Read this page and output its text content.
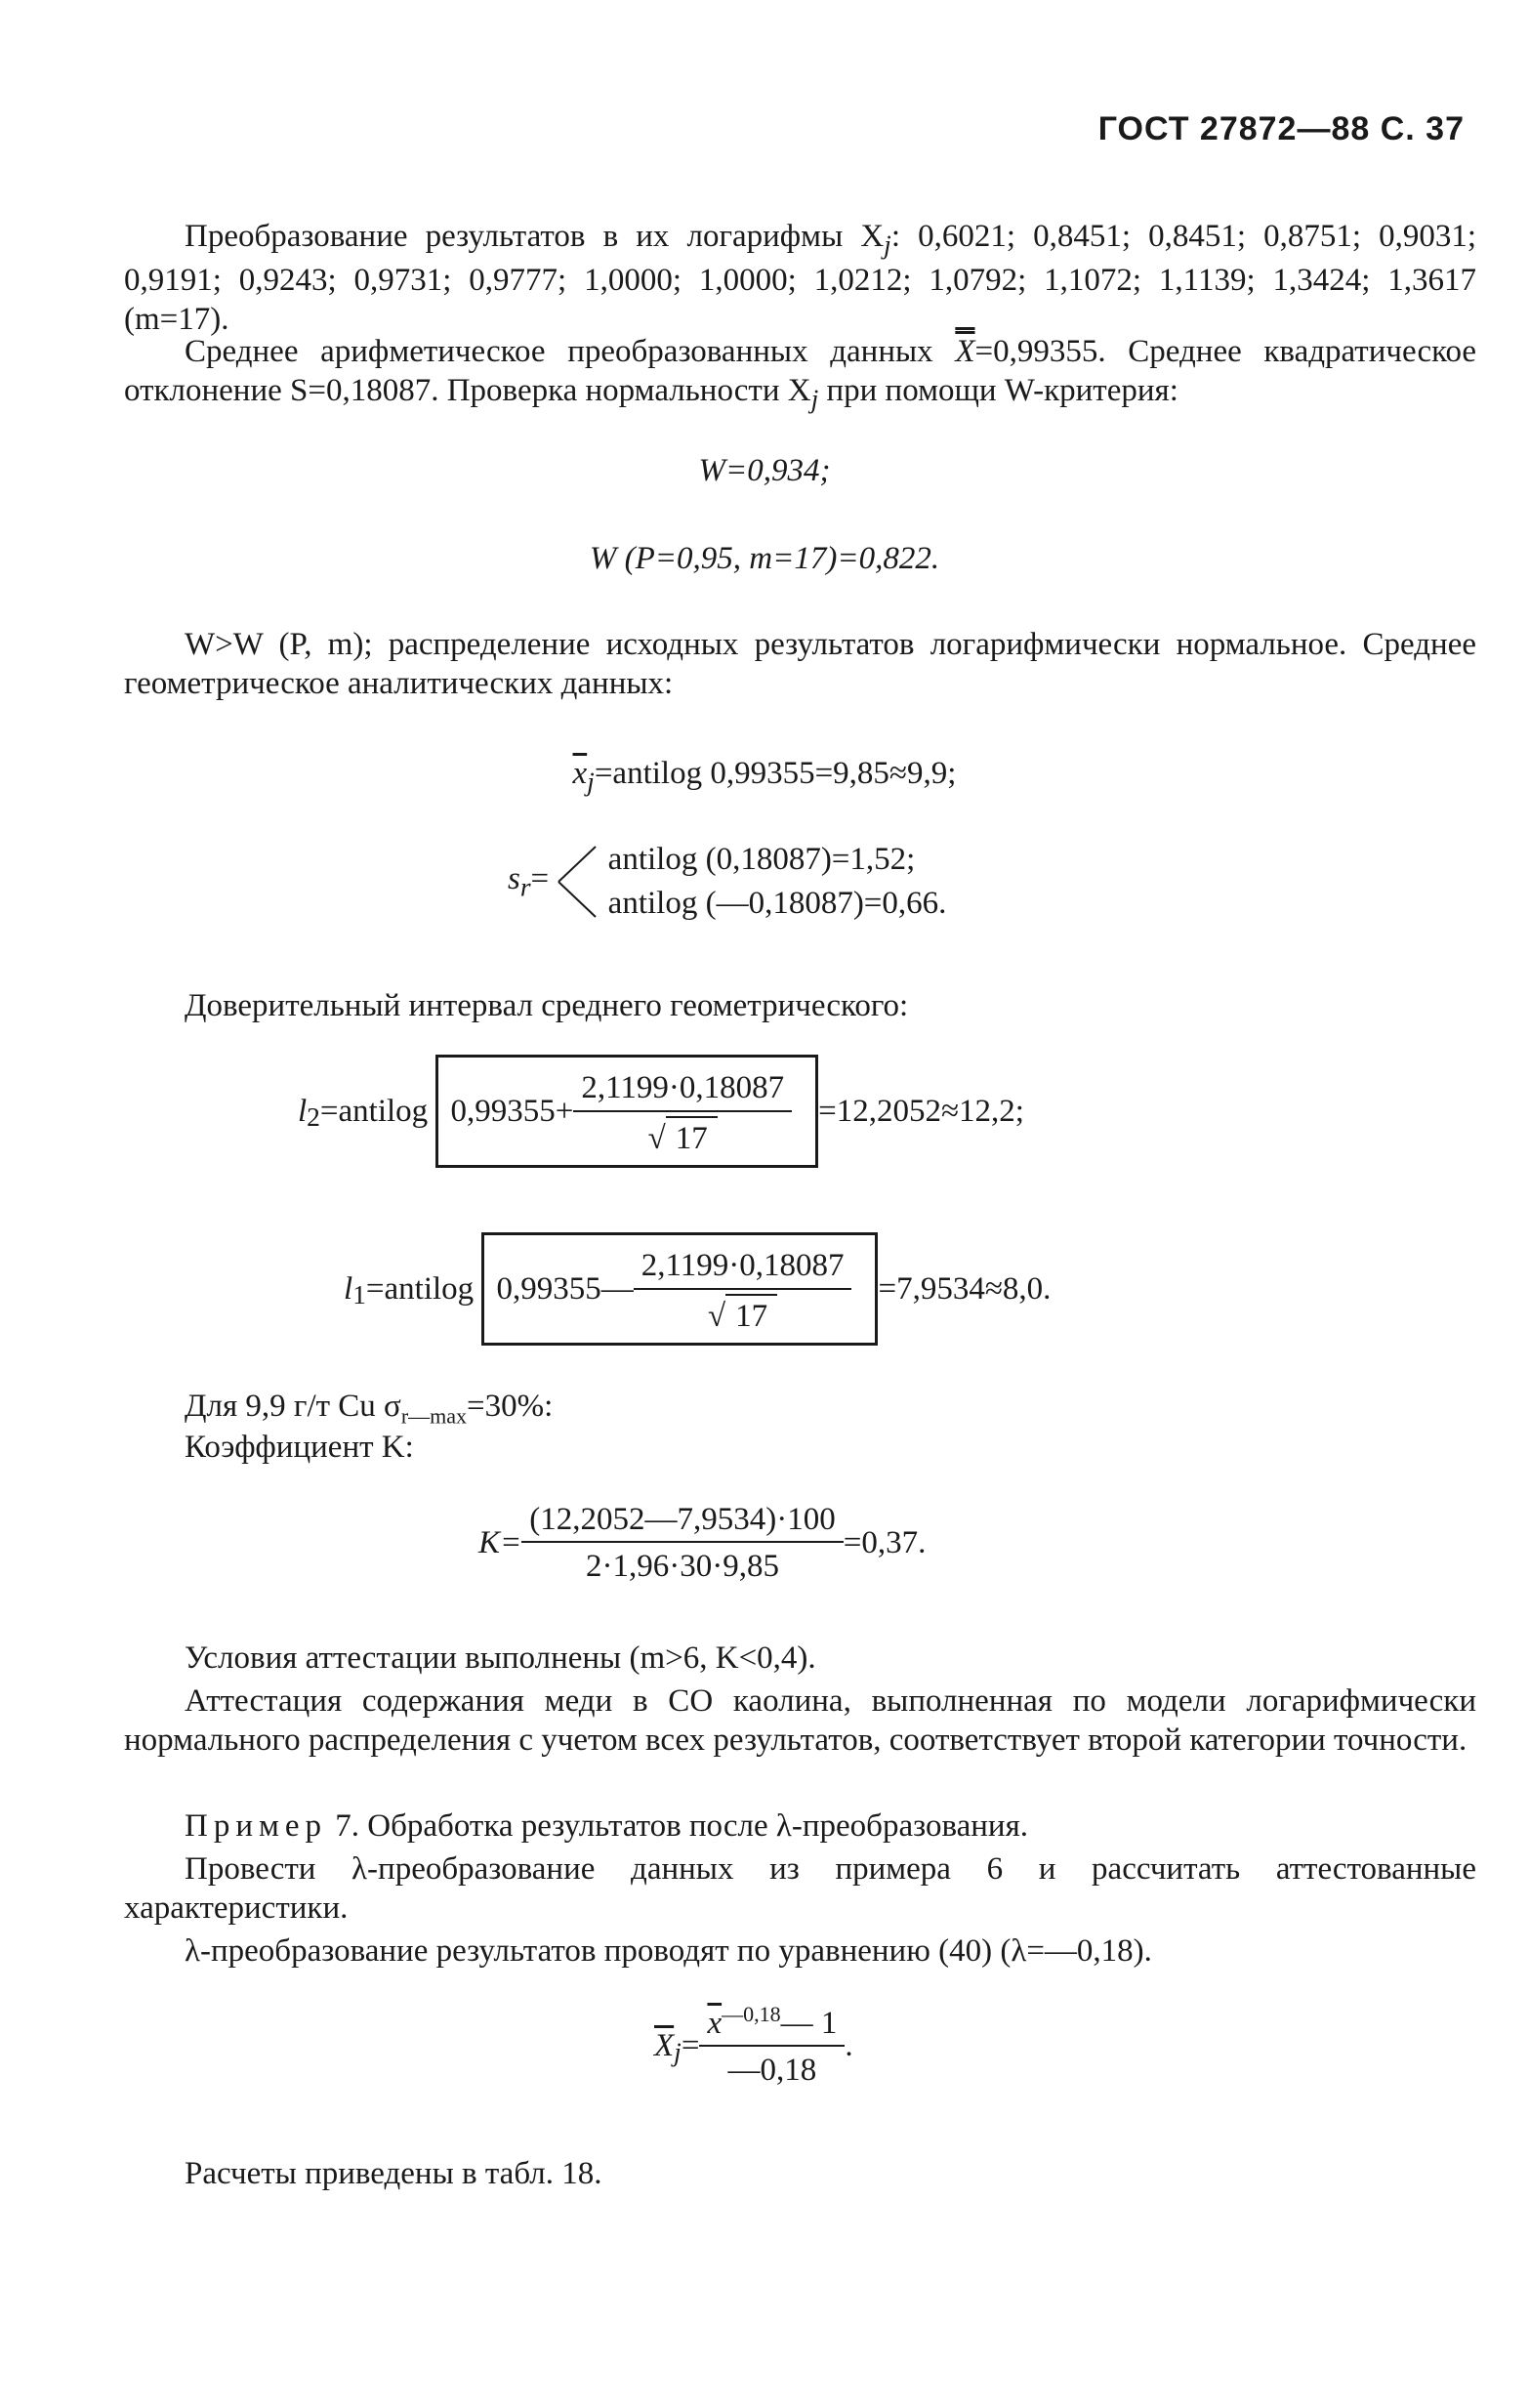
ГОСТ 27872—88 С. 37
Преобразование результатов в их логарифмы $X_j$: 0,6021; 0,8451; 0,8451; 0,8751; 0,9031; 0,9191; 0,9243; 0,9731; 0,9777; 1,0000; 1,0000; 1,0212; 1,0792; 1,1072; 1,1139; 1,3424; 1,3617 (m=17).
Среднее арифметическое преобразованных данных X=0,99355. Среднее квадратическое отклонение S=0,18087. Проверка нормальности $X_j$ при помощи W-критерия:
W=0,934;
W (P=0,95, m=17)=0,822.
W>W (P, m); распределение исходных результатов логарифмически нормальное. Среднее геометрическое аналитических данных:
$\overline{x}_j=antilog$ 0,99355=9,85≈9,9;
$s_r=$
antilog (0,18087)=1,52;
antilog (—0,18087)=0,66.
Доверительный интервал среднего геометрического:
$l_2=antilog$ $0,99355+ \frac{2,1199\cdot 0,18087}{√ 17} =12,2052\approx 12,2$;
$l_1=antilog$ 0,99355— $\frac{2,1199\cdot 0,18087}{√ 17} =7,9534\approx 8,0$.
Для 9,9 г/т Cu $\sigma_{r—max}=30\%$:
Коэффициент K:
$K= \frac{(12,2052—7,9534)\cdot 100}{2\cdot 1,96\cdot 30\cdot 9,85} =0,37$.
Условия аттестации выполнены (m>6, K<0,4).
Аттестация содержания меди в СО каолина, выполненная по модели логарифмически нормального распределения с учетом всех результатов, соответствует второй категории точности.
Пример 7. Обработка результатов после λ-преобразования.
Провести λ-преобразование данных из примера 6 и рассчитать аттестованные характеристики.
λ-преобразование результатов проводят по уравнению (40) (λ=—0,18).
$\overline{X}_j= \frac{\overline{x}^{—0,18}— 1}{—0,18}$ .
Расчеты приведены в табл. 18.
